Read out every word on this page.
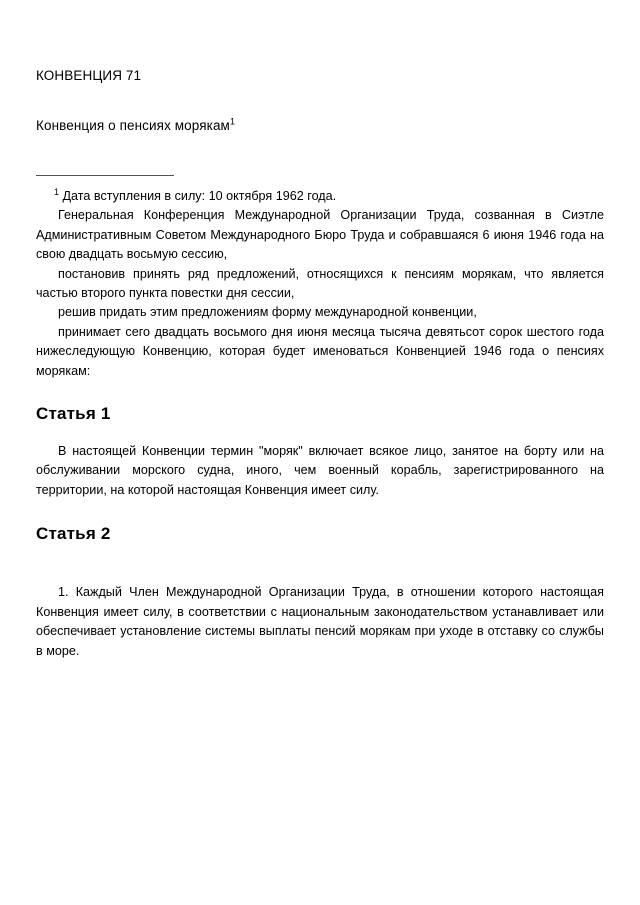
КОНВЕНЦИЯ 71

Конвенция о пенсиях морякам$^1$

$^1$ Дата вступления в силу: 10 октября 1962 года.

Генеральная Конференция Международной Организации Труда, созванная в Сиэтле Административным Советом Международного Бюро Труда и собравшаяся 6 июня 1946 года на свою двадцать восьмую сессию,

постановив принять ряд предложений, относящихся к пенсиям морякам, что является частью второго пункта повестки дня сессии,

решив придать этим предложениям форму международной конвенции,

принимает сего двадцать восьмого дня июня месяца тысяча девятьсот сорок шестого года нижеследующую Конвенцию, которая будет именоваться Конвенцией 1946 года о пенсиях морякам:

Статья 1

В настоящей Конвенции термин "моряк" включает всякое лицо, занятое на борту или на обслуживании морского судна, иного, чем военный корабль, зарегистрированного на территории, на которой настоящая Конвенция имеет силу.

Статья 2

1. Каждый Член Международной Организации Труда, в отношении которого настоящая Конвенция имеет силу, в соответствии с национальным законодательством устанавливает или обеспечивает установление системы выплаты пенсий морякам при уходе в отставку со службы в море.
